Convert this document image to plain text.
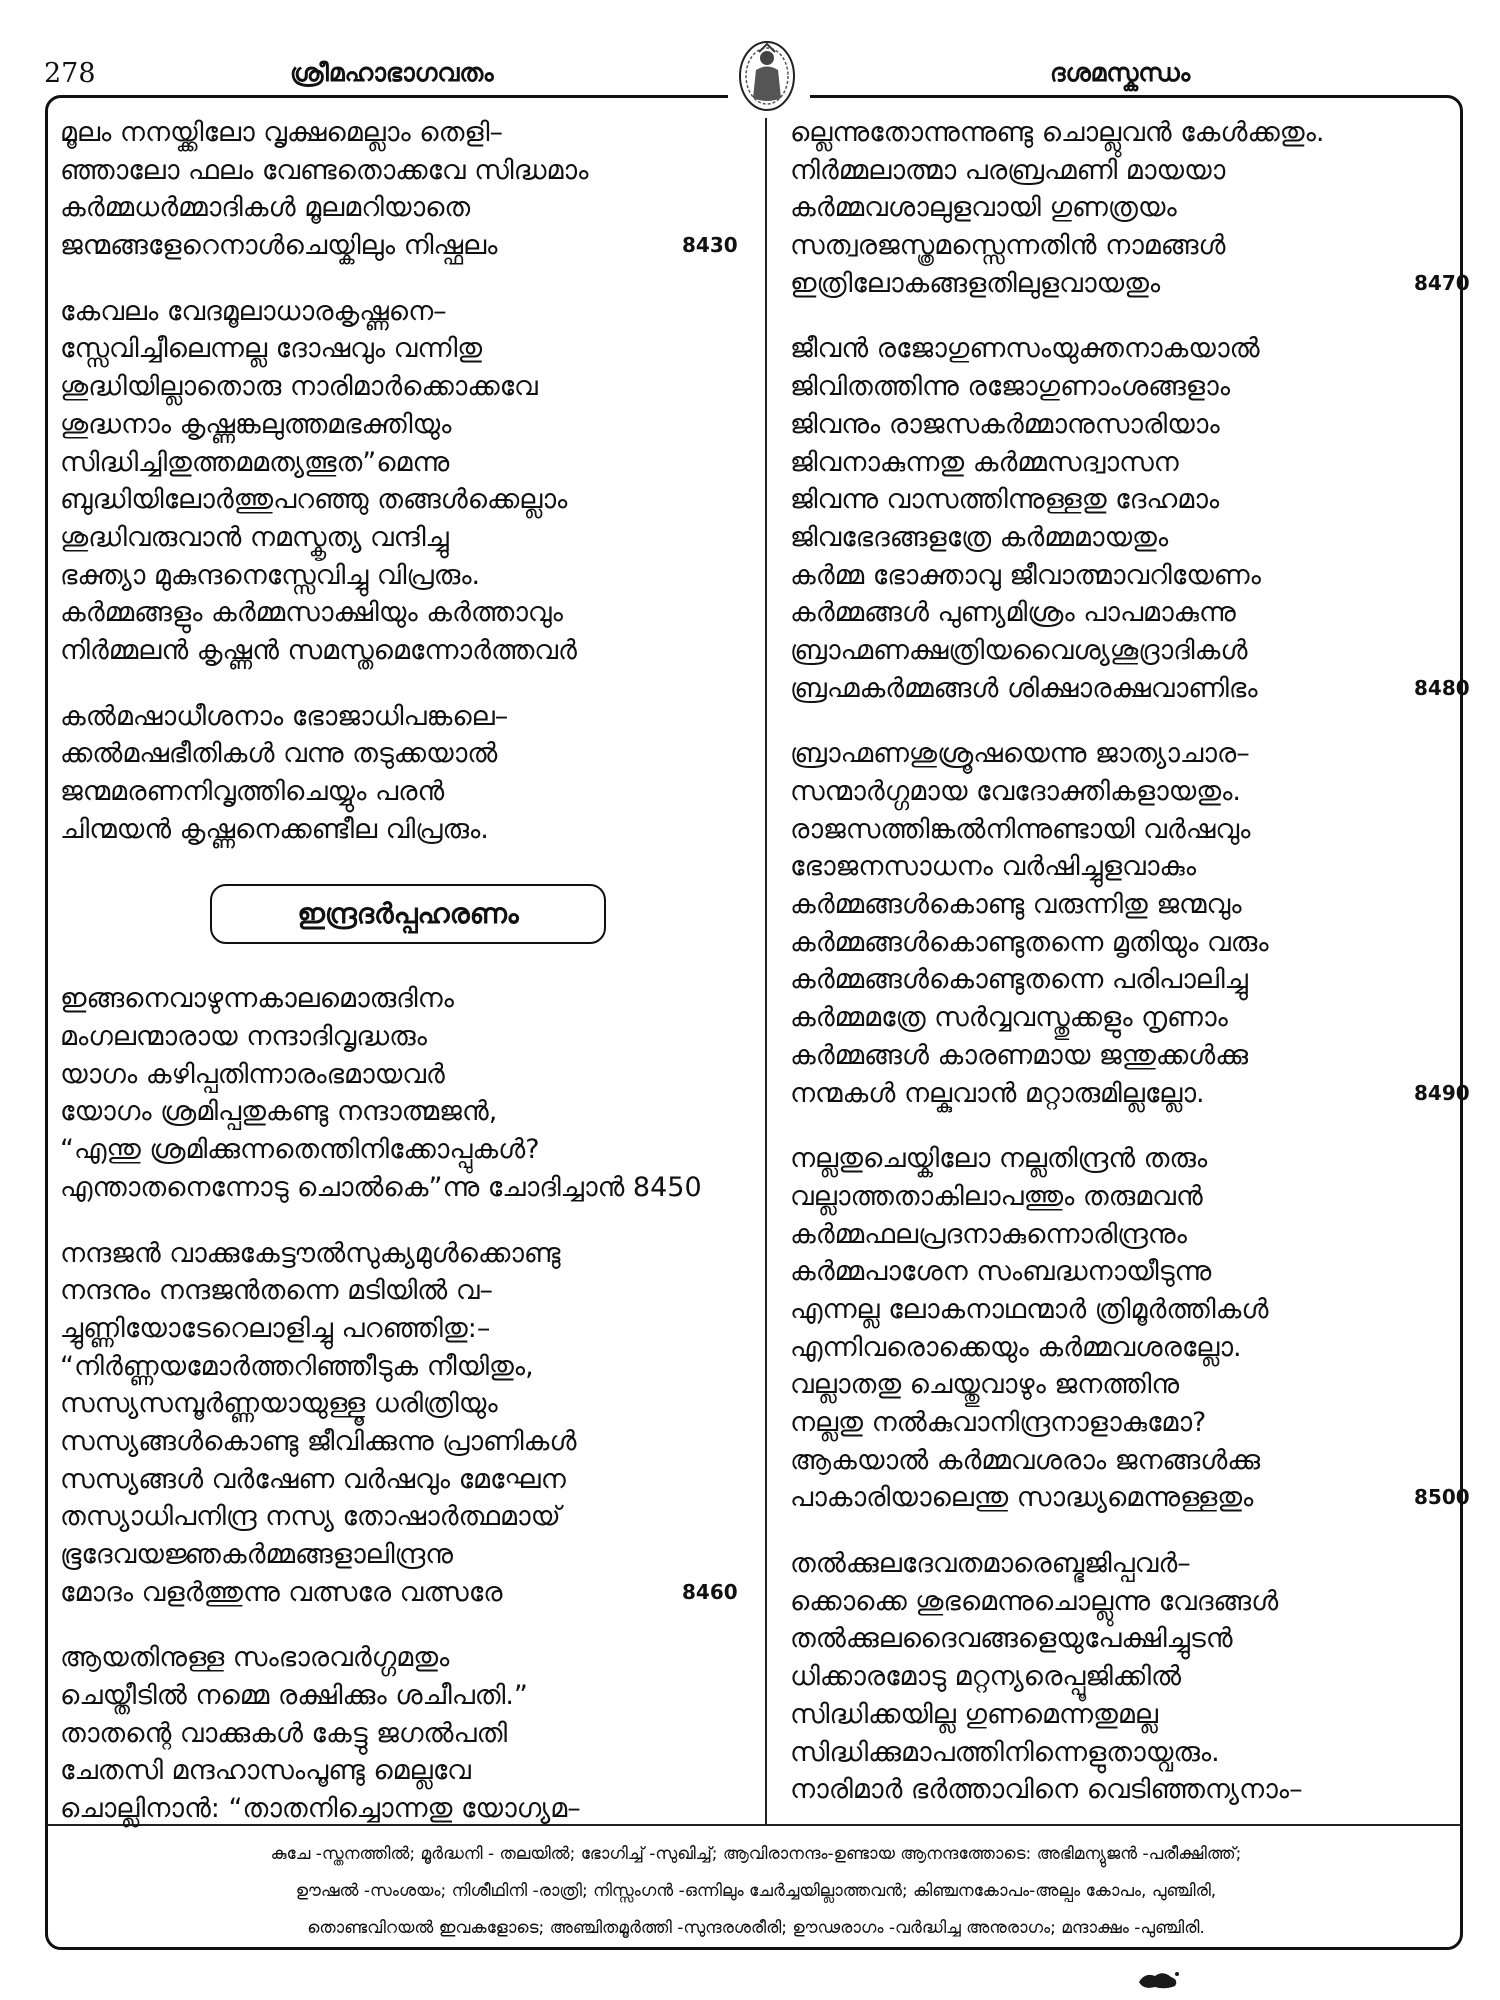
278	ശ്രീമഹാഭാഗവതം	ദശമസ്കന്ധം
മൂലം നനയ്ക്കിലോ വൃക്ഷമെല്ലാം തെളി–
ഞ്ഞാലോ ഫലം വേണ്ടതൊക്കവേ സിദ്ധമാം
കർമ്മധർമ്മാദികൾ മൂലമറിയാതെ
ജന്മങ്ങളേറെനാൾചെയ്കിലും നിഷ്ഫലം	8430
കേവലം വേദമൂലാധാരകൃഷ്ണനെ–
സ്സേവിച്ചീലെന്നല്ല ദോഷവും വന്നിതു
ശുദ്ധിയില്ലാതൊരു നാരിമാർക്കൊക്കവേ
ശുദ്ധനാം കൃഷ്ണങ്കലുത്തമഭക്തിയും
സിദ്ധിച്ചിതുത്തമമത്യത്ഭുത”മെന്നു
ബുദ്ധിയിലോർത്തുപറഞ്ഞു തങ്ങൾക്കെല്ലാം
ശുദ്ധിവരുവാൻ നമസ്കൃത്യ വന്ദിച്ചു
ഭക്ത്യാ മുകുന്ദനെസ്സേവിച്ചു വിപ്രരും.
കർമ്മങ്ങളും കർമ്മസാക്ഷിയും കർത്താവും
നിർമ്മലൻ കൃഷ്ണൻ സമസ്തമെന്നോർത്തവർ
കൽമഷാധീശനാം ഭോജാധിപങ്കലെ–
ക്കൽമഷഭീതികൾ വന്നു തടുക്കയാൽ
ജന്മമരണനിവൃത്തിചെയ്യും പരൻ
ചിന്മയൻ കൃഷ്ണനെക്കണ്ടീല വിപ്രരും.
ഇന്ദ്രദർപ്പഹരണം
ഇങ്ങനെവാഴുന്നകാലമൊരുദിനം
മംഗലന്മാരായ നന്ദാദിവൃദ്ധരും
യാഗം കഴിപ്പതിന്നാരംഭമായവർ
യോഗം ശ്രമിപ്പതുകണ്ടു നന്ദാത്മജൻ,
“എന്തു ശ്രമിക്കുന്നതെന്തിനിക്കോപ്പുകൾ?
എന്താതനെന്നോടു ചൊൽകെ”ന്നു ചോദിച്ചാൻ 8450
നന്ദജൻ വാക്കുകേട്ടൗൽസുക്യമുൾക്കൊണ്ടു
നന്ദനും നന്ദജൻതന്നെ മടിയിൽ വ–
ച്ചുണ്ണിയോടേറെലാളിച്ചു പറഞ്ഞിതു:–
“നിർണ്ണയമോർത്തറിഞ്ഞീടുക നീയിതും,
സസ്യസമ്പൂർണ്ണയായുള്ളൂ ധരിത്രിയും
സസ്യങ്ങൾകൊണ്ടു ജീവിക്കുന്നു പ്രാണികൾ
സസ്യങ്ങൾ വർഷേണ വർഷവും മേഘേന
തസ്യാധിപനിന്ദ്ര നസ്യ തോഷാർത്ഥമായ്
ഭൂദേവയജ്ഞകർമ്മങ്ങളാലിന്ദ്രനു
മോദം വളർത്തുന്നു വത്സരേ വത്സരേ	8460
ആയതിനുള്ള സംഭാരവർഗ്ഗമതും
ചെയ്തീടിൽ നമ്മെ രക്ഷിക്കും ശചീപതി.”
താതന്റെ വാക്കുകൾ കേട്ടു ജഗൽപതി
ചേതസി മന്ദഹാസംപൂണ്ടു മെല്ലവേ
ചൊല്ലിനാൻ: “താതനിച്ചൊന്നതു യോഗ്യമ–
ല്ലെന്നുതോന്നുന്നുണ്ടു ചൊല്ലുവൻ കേൾക്കതും.
നിർമ്മലാത്മാ പരബ്രഹ്മണി മായയാ
കർമ്മവശാലുളവായി ഗുണത്രയം
സത്വരജസ്ത്രമസ്സെന്നതിൻ നാമങ്ങൾ
ഇത്രിലോകങ്ങളതിലുളവായതും	8470
ജീവൻ രജോഗുണസംയുക്തനാകയാൽ
ജിവിതത്തിന്നു രജോഗുണാംശങ്ങളാം
ജിവനും രാജസകർമ്മാനുസാരിയാം
ജിവനാകുന്നതു കർമ്മസദ്വാസന
ജിവന്നു വാസത്തിന്നുള്ളതു ദേഹമാം
ജിവഭേദങ്ങളത്രേ കർമ്മമായതും
കർമ്മ ഭോക്താവു ജീവാത്മാവറിയേണം
കർമ്മങ്ങൾ പുണ്യമിശ്രം പാപമാകുന്നു
ബ്രാഹ്മണക്ഷത്രിയവൈശ്യശൂദ്രാദികൾ
ബ്രഹ്മകർമ്മങ്ങൾ ശിക്ഷാരക്ഷവാണിഭം	8480
ബ്രാഹ്മണശുശ്രൂഷയെന്നു ജാത്യാചാര–
സന്മാർഗ്ഗമായ വേദോക്തികളായതും.
രാജസത്തിങ്കൽനിന്നുണ്ടായി വർഷവും
ഭോജനസാധനം വർഷിച്ചുളവാകും
കർമ്മങ്ങൾകൊണ്ടു വരുന്നിതു ജന്മവും
കർമ്മങ്ങൾകൊണ്ടുതന്നെ മൃതിയും വരും
കർമ്മങ്ങൾകൊണ്ടുതന്നെ പരിപാലിച്ചു
കർമ്മമത്രേ സർവ്വവസ്തുക്കളും നൃണാം
കർമ്മങ്ങൾ കാരണമായ ജന്തുക്കൾക്കു
നന്മകൾ നല്കുവാൻ മറ്റാരുമില്ലല്ലോ.	8490
നല്ലതുചെയ്കിലോ നല്ലതിന്ദ്രൻ തരും
വല്ലാത്തതാകിലാപത്തും തരുമവൻ
കർമ്മഫലപ്രദനാകുന്നൊരിന്ദ്രനും
കർമ്മപാശേന സംബദ്ധനായീടുന്നു
എന്നല്ല ലോകനാഥന്മാർ ത്രിമൂർത്തികൾ
എന്നിവരൊക്കെയും കർമ്മവശരല്ലോ.
വല്ലാതതു ചെയ്തുവാഴും ജനത്തിനു
നല്ലതു നൽകുവാനിന്ദ്രനാളാകുമോ?
ആകയാൽ കർമ്മവശരാം ജനങ്ങൾക്കു
പാകാരിയാലെന്തു സാദ്ധ്യമെന്നുള്ളതും	8500
തൽക്കുലദേവതമാരെബ്ഭജിപ്പവർ–
ക്കൊക്കെ ശുഭമെന്നുചൊല്ലുന്നു വേദങ്ങൾ
തൽക്കുലദൈവങ്ങളെയുപേക്ഷിച്ചുടൻ
ധിക്കാരമോടു മറ്റന്യരെപ്പൂജിക്കിൽ
സിദ്ധിക്കയില്ല ഗുണമെന്നതുമല്ല
സിദ്ധിക്കുമാപത്തിനിന്നെളുതായ്വരും.
നാരിമാർ ഭർത്താവിനെ വെടിഞ്ഞന്യനാം–
കുചേ -സ്തനത്തിൽ; മൂർദ്ധനി - തലയിൽ; ഭോഗിച്ച് -സുഖിച്ച്; ആവിരാനന്ദം-ഉണ്ടായ ആനന്ദത്തോടെ: അഭിമന്യുജൻ -പരീക്ഷിത്ത്;
ഊഷൽ -സംശയം; നിശീഥിനി -രാത്രി; നിസ്സംഗൻ -ഒന്നിലും ചേർച്ചയില്ലാത്തവൻ; കിഞ്ചനകോപം-അല്പം കോപം, പുഞ്ചിരി,
തൊണ്ടവിറയൽ ഇവകളോടെ; അഞ്ചിതമൂർത്തി -സുന്ദരശരീരി; ഊഢരാഗം -വർദ്ധിച്ച അനുരാഗം; മന്ദാക്ഷം -പുഞ്ചിരി.
